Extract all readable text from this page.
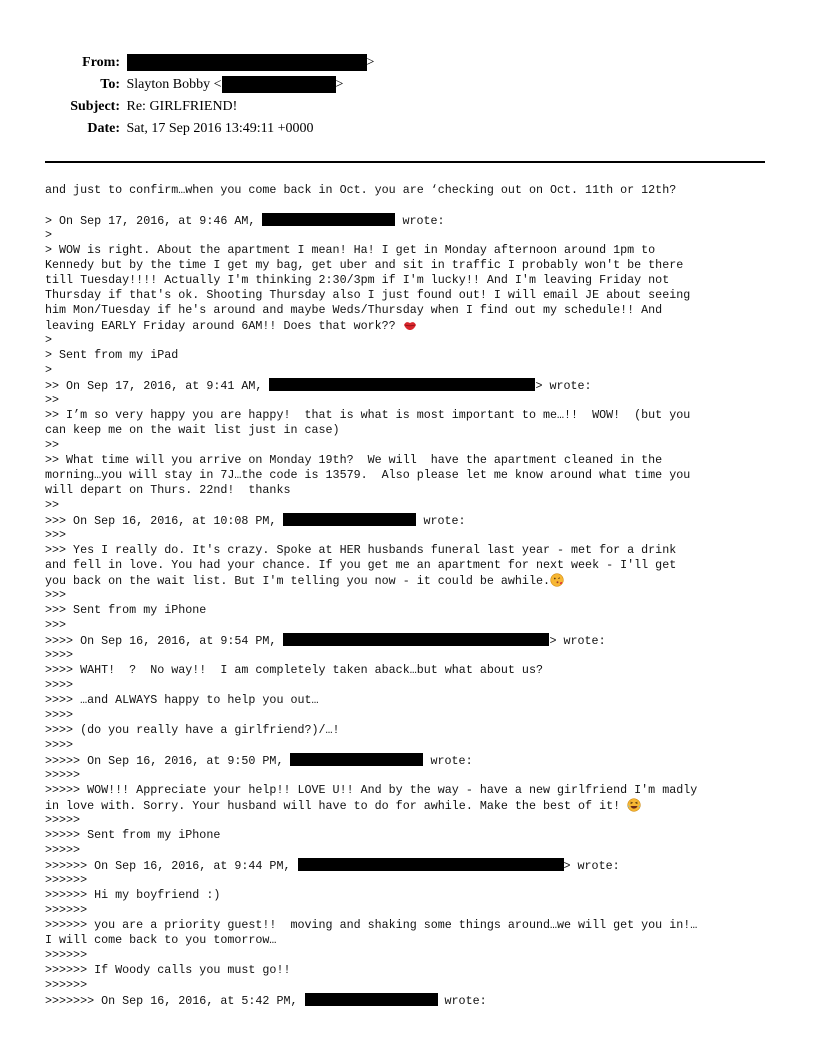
From:	>
To: Slayton Bobby <	>
Subject: Re: GIRLFRIEND!
Date: Sat, 17 Sep 2016 13:49:11 +0000
and just to confirm…when you come back in Oct. you are ‘checking out on Oct. 11th or 12th?
> On Sep 17, 2016, at 9:46 AM,	wrote:
>
> WOW is right. About the apartment I mean! Ha! I get in Monday afternoon around 1pm to
Kennedy but by the time I get my bag, get uber and sit in traffic I probably won't be there
till Tuesday!!!! Actually I'm thinking 2:30/3pm if I'm lucky!! And I'm leaving Friday not
Thursday if that's ok. Shooting Thursday also I just found out! I will email JE about seeing
him Mon/Tuesday if he's around and maybe Weds/Thursday when I find out my schedule!! And
leaving EARLY Friday around 6AM!! Does that work??
>
> Sent from my iPad
>
>> On Sep 17, 2016, at 9:41 AM,	> wrote:
>>
>> I’m so very happy you are happy!  that is what is most important to me…!!  WOW!  (but you
can keep me on the wait list just in case)
>>
>> What time will you arrive on Monday 19th?  We will  have the apartment cleaned in the
morning…you will stay in 7J…the code is 13579.  Also please let me know around what time you
will depart on Thurs. 22nd!  thanks
>>
>>> On Sep 16, 2016, at 10:08 PM,	wrote:
>>>
>>> Yes I really do. It's crazy. Spoke at HER husbands funeral last year - met for a drink
and fell in love. You had your chance. If you get me an apartment for next week - I'll get
you back on the wait list. But I'm telling you now - it could be awhile.
>>>
>>> Sent from my iPhone
>>>
>>>> On Sep 16, 2016, at 9:54 PM,	> wrote:
>>>>
>>>> WAHT!  ?  No way!!  I am completely taken aback…but what about us?
>>>>
>>>> …and ALWAYS happy to help you out…
>>>>
>>>> (do you really have a girlfriend?)/…!
>>>>
>>>>> On Sep 16, 2016, at 9:50 PM,	wrote:
>>>>>
>>>>> WOW!!! Appreciate your help!! LOVE U!! And by the way - have a new girlfriend I'm madly
in love with. Sorry. Your husband will have to do for awhile. Make the best of it!
>>>>>
>>>>> Sent from my iPhone
>>>>>
>>>>>> On Sep 16, 2016, at 9:44 PM,	> wrote:
>>>>>>
>>>>>> Hi my boyfriend :)
>>>>>>
>>>>>> you are a priority guest!!  moving and shaking some things around…we will get you in!…
I will come back to you tomorrow…
>>>>>>
>>>>>> If Woody calls you must go!!
>>>>>>
>>>>>>> On Sep 16, 2016, at 5:42 PM,	wrote:
